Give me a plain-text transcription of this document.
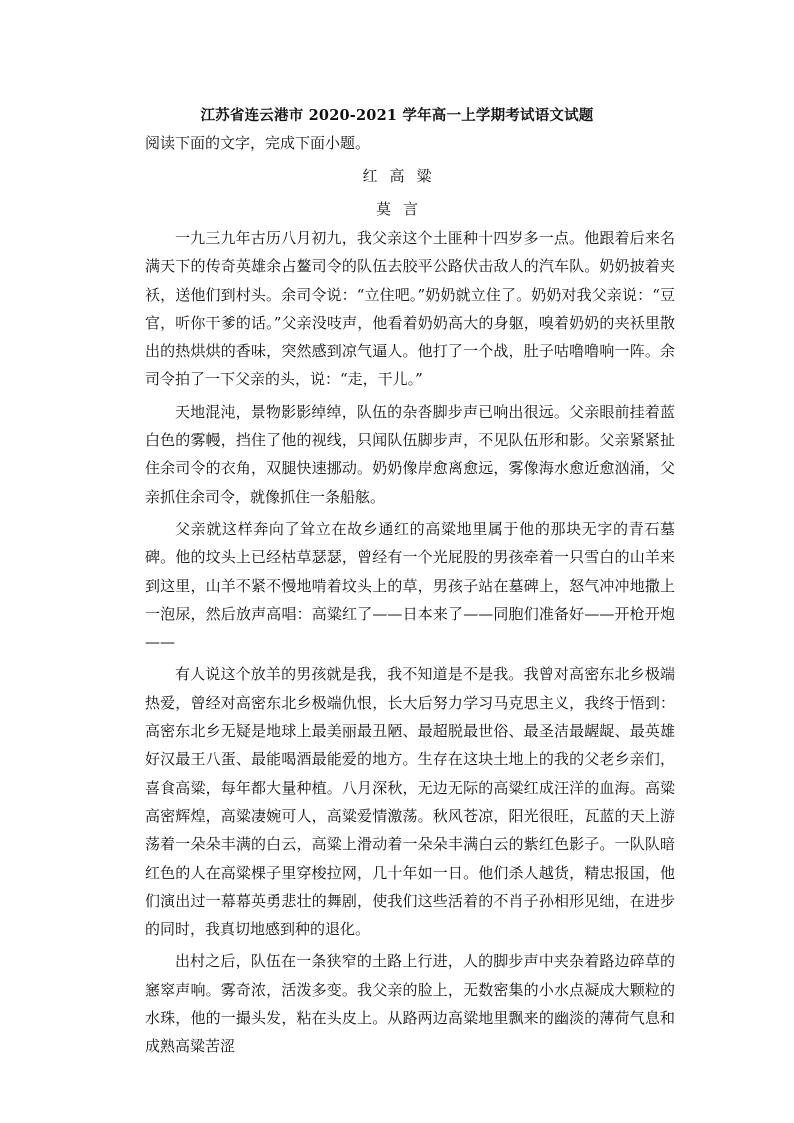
江苏省连云港市 2020-2021 学年高一上学期考试语文试题
阅读下面的文字，完成下面小题。
红高粱
莫言

一九三九年古历八月初九，我父亲这个土匪种十四岁多一点。他跟着后来名满天下的传奇英雄余占鳌司令的队伍去胶平公路伏击敌人的汽车队。奶奶披着夹袄，送他们到村头。余司令说：“立住吧。”奶奶就立住了。奶奶对我父亲说：“豆官，听你干爹的话。”父亲没吱声，他看着奶奶高大的身躯，嗅着奶奶的夹袄里散出的热烘烘的香味，突然感到凉气逼人。他打了一个战，肚子咕噜噜响一阵。余司令拍了一下父亲的头，说：“走，干儿。”

天地混沌，景物影影绰绰，队伍的杂沓脚步声已响出很远。父亲眼前挂着蓝白色的雾幔，挡住了他的视线，只闻队伍脚步声，不见队伍形和影。父亲紧紧扯住余司令的衣角，双腿快速挪动。奶奶像岸愈离愈远，雾像海水愈近愈汹涌，父亲抓住余司令，就像抓住一条船舷。

父亲就这样奔向了耸立在故乡通红的高粱地里属于他的那块无字的青石墓碑。他的坟头上已经枯草瑟瑟，曾经有一个光屁股的男孩牵着一只雪白的山羊来到这里，山羊不紧不慢地啃着坟头上的草，男孩子站在墓碑上，怒气冲冲地撒上一泡尿，然后放声高唱：高粱红了——日本来了——同胞们准备好——开枪开炮——

有人说这个放羊的男孩就是我，我不知道是不是我。我曾对高密东北乡极端热爱，曾经对高密东北乡极端仇恨，长大后努力学习马克思主义，我终于悟到：高密东北乡无疑是地球上最美丽最丑陋、最超脱最世俗、最圣洁最龌龊、最英雄好汉最王八蛋、最能喝酒最能爱的地方。生存在这块土地上的我的父老乡亲们，喜食高粱，每年都大量种植。八月深秋，无边无际的高粱红成汪洋的血海。高粱高密辉煌，高粱凄婉可人，高粱爱情激荡。秋风苍凉，阳光很旺，瓦蓝的天上游荡着一朵朵丰满的白云，高粱上滑动着一朵朵丰满白云的紫红色影子。一队队暗红色的人在高粱棵子里穿梭拉网，几十年如一日。他们杀人越货，精忠报国，他们演出过一幕幕英勇悲壮的舞剧，使我们这些活着的不肖子孙相形见绌，在进步的同时，我真切地感到种的退化。

出村之后，队伍在一条狭窄的土路上行进，人的脚步声中夹杂着路边碎草的窸窣声响。雾奇浓，活泼多变。我父亲的脸上，无数密集的小水点凝成大颗粒的水珠，他的一撮头发，粘在头皮上。从路两边高粱地里飘来的幽淡的薄荷气息和成熟高粱苦涩
